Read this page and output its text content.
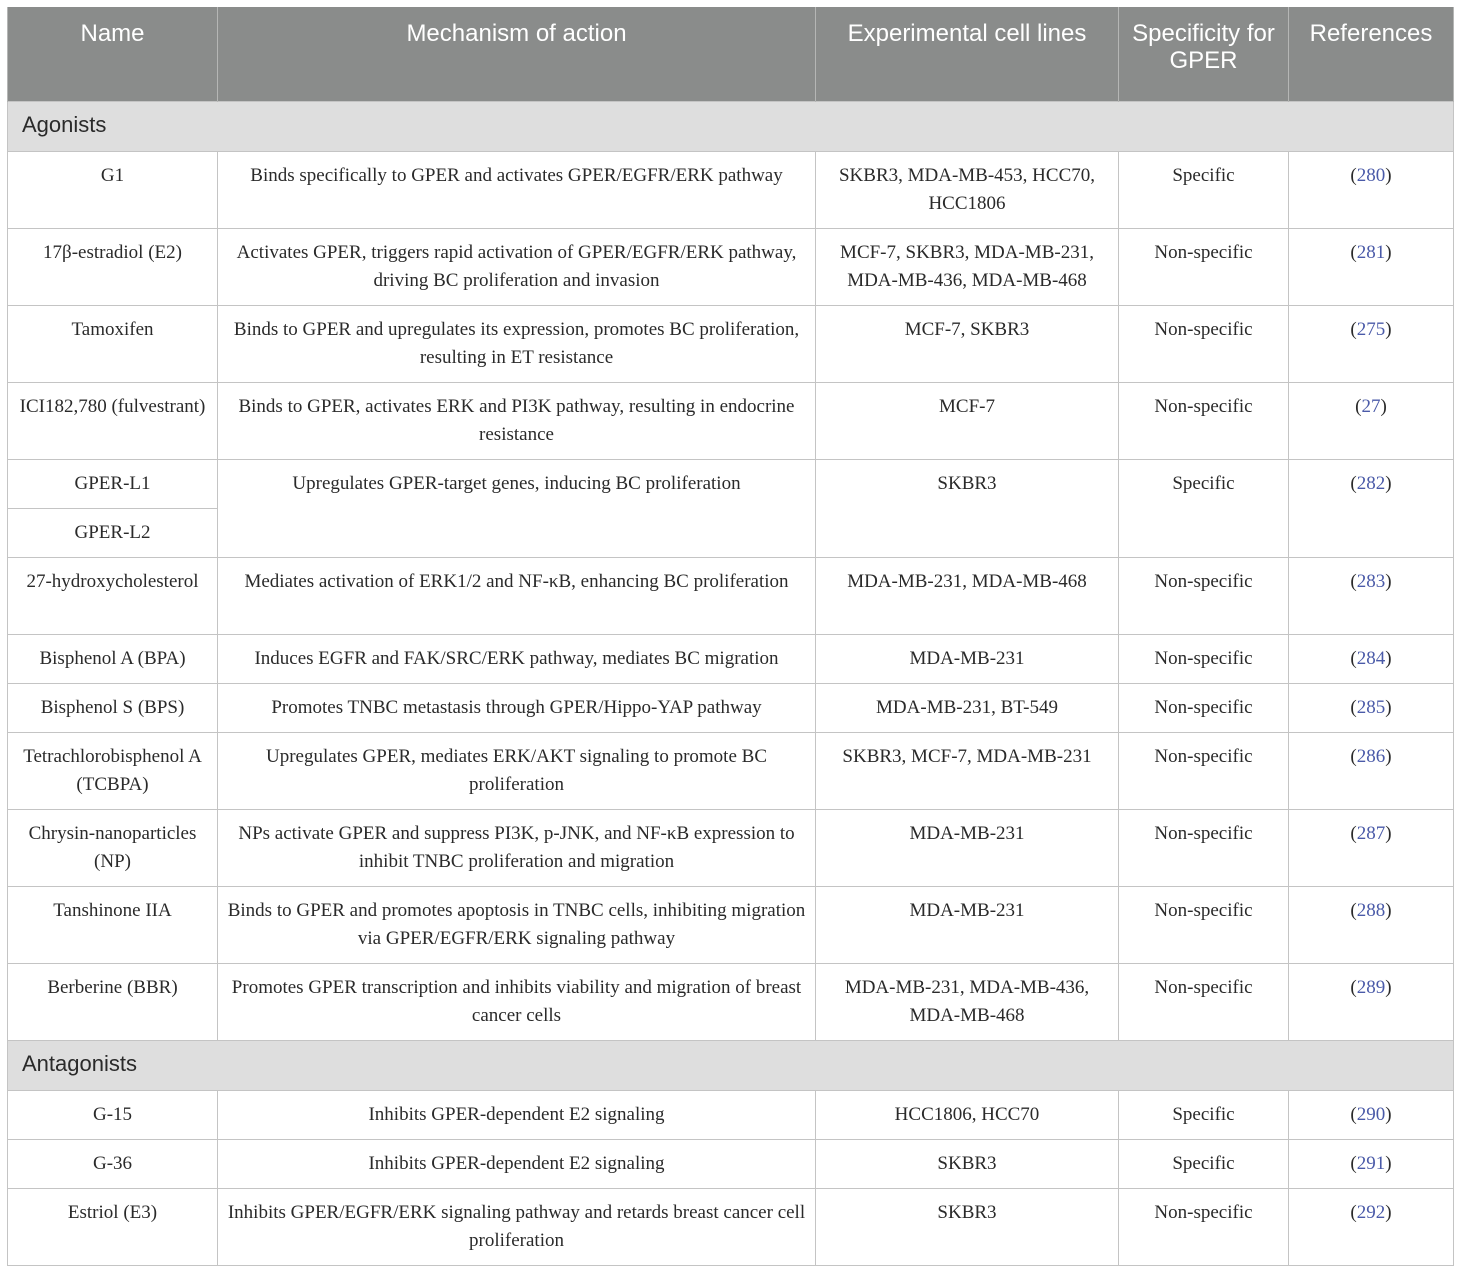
Name	Mechanism of action	Experimental cell lines	Specificity for GPER	References
Agonists				
G1	Binds specifically to GPER and activates GPER/EGFR/ERK pathway	SKBR3, MDA-MB-453, HCC70, HCC1806	Specific	(280)
17β-estradiol (E2)	Activates GPER, triggers rapid activation of GPER/EGFR/ERK pathway, driving BC proliferation and invasion	MCF-7, SKBR3, MDA-MB-231, MDA-MB-436, MDA-MB-468	Non-specific	(281)
Tamoxifen	Binds to GPER and upregulates its expression, promotes BC proliferation, resulting in ET resistance	MCF-7, SKBR3	Non-specific	(275)
ICI182,780 (fulvestrant)	Binds to GPER, activates ERK and PI3K pathway, resulting in endocrine resistance	MCF-7	Non-specific	(27)
GPER-L1	Upregulates GPER-target genes, inducing BC proliferation	SKBR3	Specific	(282)
GPER-L2				
27-hydroxycholesterol	Mediates activation of ERK1/2 and NF-κB, enhancing BC proliferation	MDA-MB-231, MDA-MB-468	Non-specific	(283)
Bisphenol A (BPA)	Induces EGFR and FAK/SRC/ERK pathway, mediates BC migration	MDA-MB-231	Non-specific	(284)
Bisphenol S (BPS)	Promotes TNBC metastasis through GPER/Hippo-YAP pathway	MDA-MB-231, BT-549	Non-specific	(285)
Tetrachlorobisphenol A (TCBPA)	Upregulates GPER, mediates ERK/AKT signaling to promote BC proliferation	SKBR3, MCF-7, MDA-MB-231	Non-specific	(286)
Chrysin-nanoparticles (NP)	NPs activate GPER and suppress PI3K, p-JNK, and NF-κB expression to inhibit TNBC proliferation and migration	MDA-MB-231	Non-specific	(287)
Tanshinone IIA	Binds to GPER and promotes apoptosis in TNBC cells, inhibiting migration via GPER/EGFR/ERK signaling pathway	MDA-MB-231	Non-specific	(288)
Berberine (BBR)	Promotes GPER transcription and inhibits viability and migration of breast cancer cells	MDA-MB-231, MDA-MB-436, MDA-MB-468	Non-specific	(289)
Antagonists				
G-15	Inhibits GPER-dependent E2 signaling	HCC1806, HCC70	Specific	(290)
G-36	Inhibits GPER-dependent E2 signaling	SKBR3	Specific	(291)
Estriol (E3)	Inhibits GPER/EGFR/ERK signaling pathway and retards breast cancer cell proliferation	SKBR3	Non-specific	(292)
